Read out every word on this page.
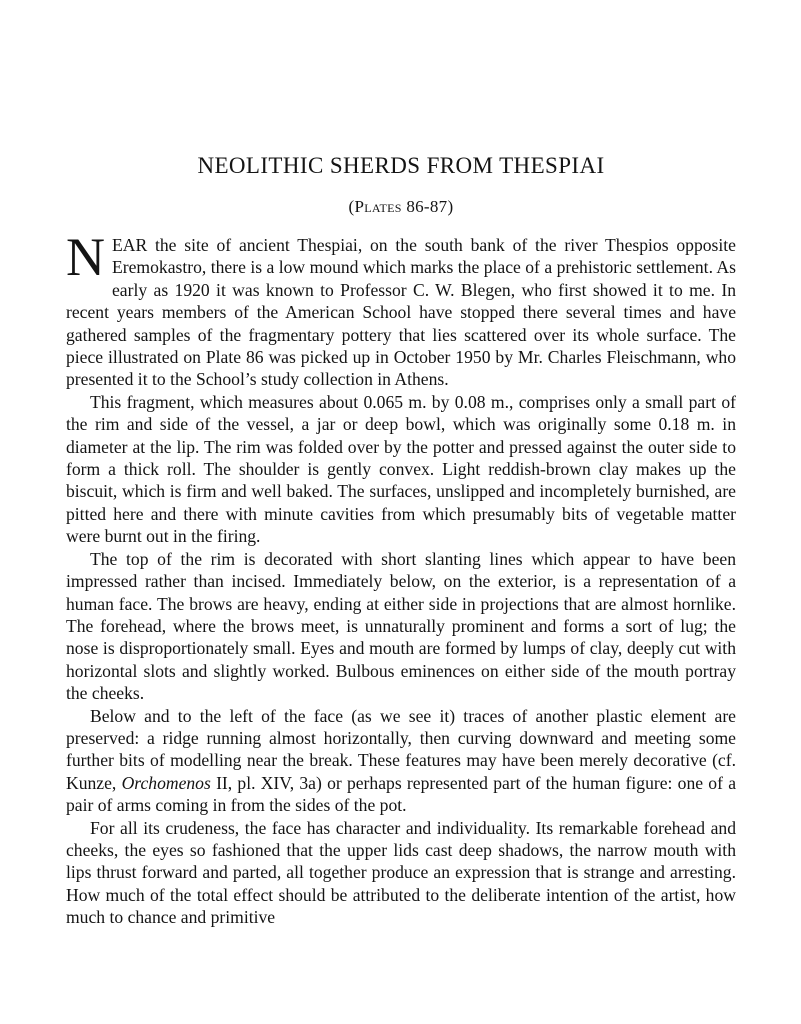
NEOLITHIC SHERDS FROM THESPIAI
(Plates 86-87)

NEAR the site of ancient Thespiai, on the south bank of the river Thespios opposite Eremokastro, there is a low mound which marks the place of a prehistoric settlement. As early as 1920 it was known to Professor C. W. Blegen, who first showed it to me. In recent years members of the American School have stopped there several times and have gathered samples of the fragmentary pottery that lies scattered over its whole surface. The piece illustrated on Plate 86 was picked up in October 1950 by Mr. Charles Fleischmann, who presented it to the School’s study collection in Athens.

This fragment, which measures about 0.065 m. by 0.08 m., comprises only a small part of the rim and side of the vessel, a jar or deep bowl, which was originally some 0.18 m. in diameter at the lip. The rim was folded over by the potter and pressed against the outer side to form a thick roll. The shoulder is gently convex. Light reddish-brown clay makes up the biscuit, which is firm and well baked. The surfaces, unslipped and incompletely burnished, are pitted here and there with minute cavities from which presumably bits of vegetable matter were burnt out in the firing.

The top of the rim is decorated with short slanting lines which appear to have been impressed rather than incised. Immediately below, on the exterior, is a representation of a human face. The brows are heavy, ending at either side in projections that are almost hornlike. The forehead, where the brows meet, is unnaturally prominent and forms a sort of lug; the nose is disproportionately small. Eyes and mouth are formed by lumps of clay, deeply cut with horizontal slots and slightly worked. Bulbous eminences on either side of the mouth portray the cheeks.

Below and to the left of the face (as we see it) traces of another plastic element are preserved: a ridge running almost horizontally, then curving downward and meeting some further bits of modelling near the break. These features may have been merely decorative (cf. Kunze, Orchomenos II, pl. XIV, 3a) or perhaps represented part of the human figure: one of a pair of arms coming in from the sides of the pot.

For all its crudeness, the face has character and individuality. Its remarkable forehead and cheeks, the eyes so fashioned that the upper lids cast deep shadows, the narrow mouth with lips thrust forward and parted, all together produce an expression that is strange and arresting. How much of the total effect should be attributed to the deliberate intention of the artist, how much to chance and primitive
